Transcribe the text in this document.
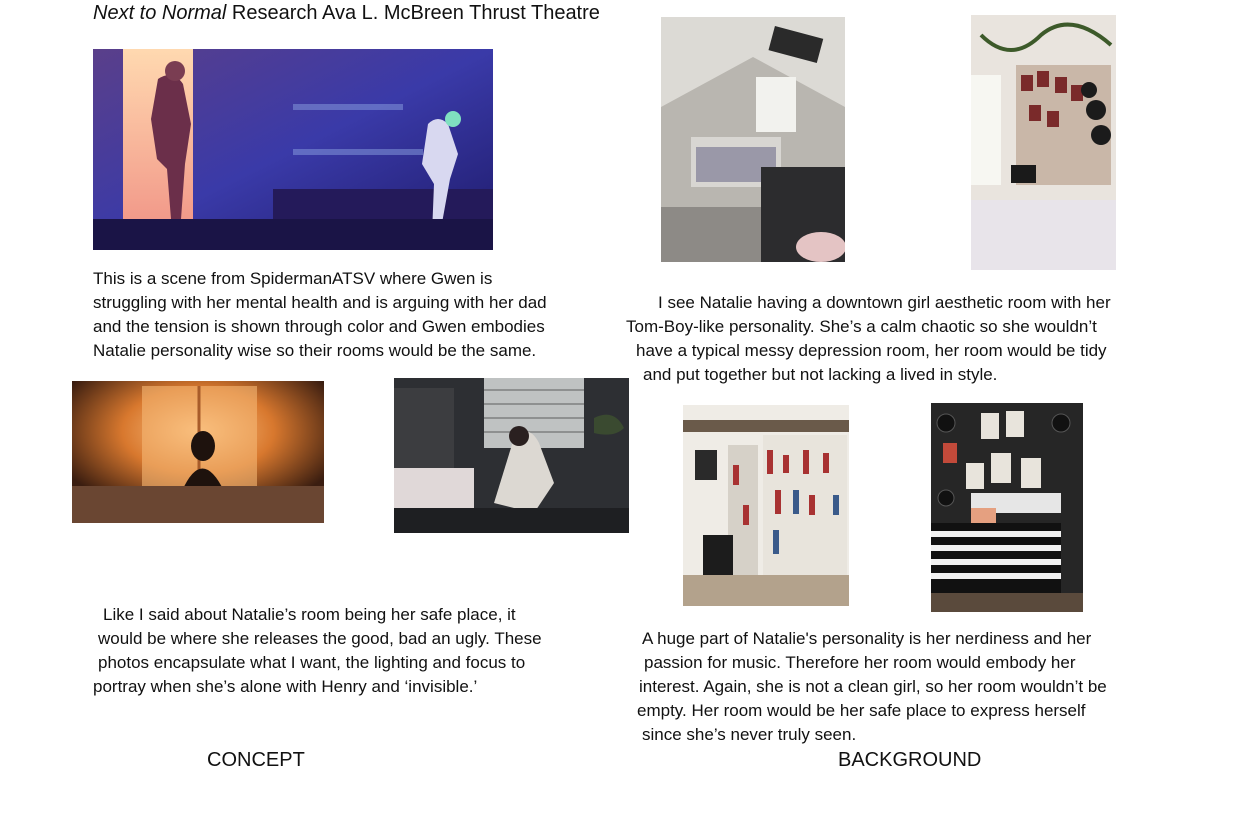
Next to Normal Research Ava L. McBreen Thrust Theatre
This is a scene from SpidermanATSV where Gwen is
struggling with her mental health and is arguing with her dad
and the tension is shown through color and Gwen embodies
Natalie personality wise so their rooms would be the same.
I see Natalie having a downtown girl aesthetic room with her
Tom-Boy-like personality. She’s a calm chaotic so she wouldn’t
have a typical messy depression room, her room would be tidy
and put together but not lacking a lived in style.
Like I said about Natalie’s room being her safe place, it
would be where she releases the good, bad an ugly. These
photos encapsulate what I want, the lighting and focus to
portray when she’s alone with Henry and ‘invisible.’
A huge part of Natalie's personality is her nerdiness and her
passion for music. Therefore her room would embody her
interest. Again, she is not a clean girl, so her room wouldn’t be
empty. Her room would be her safe place to express herself
since she’s never truly seen.
CONCEPT	BACKGROUND
